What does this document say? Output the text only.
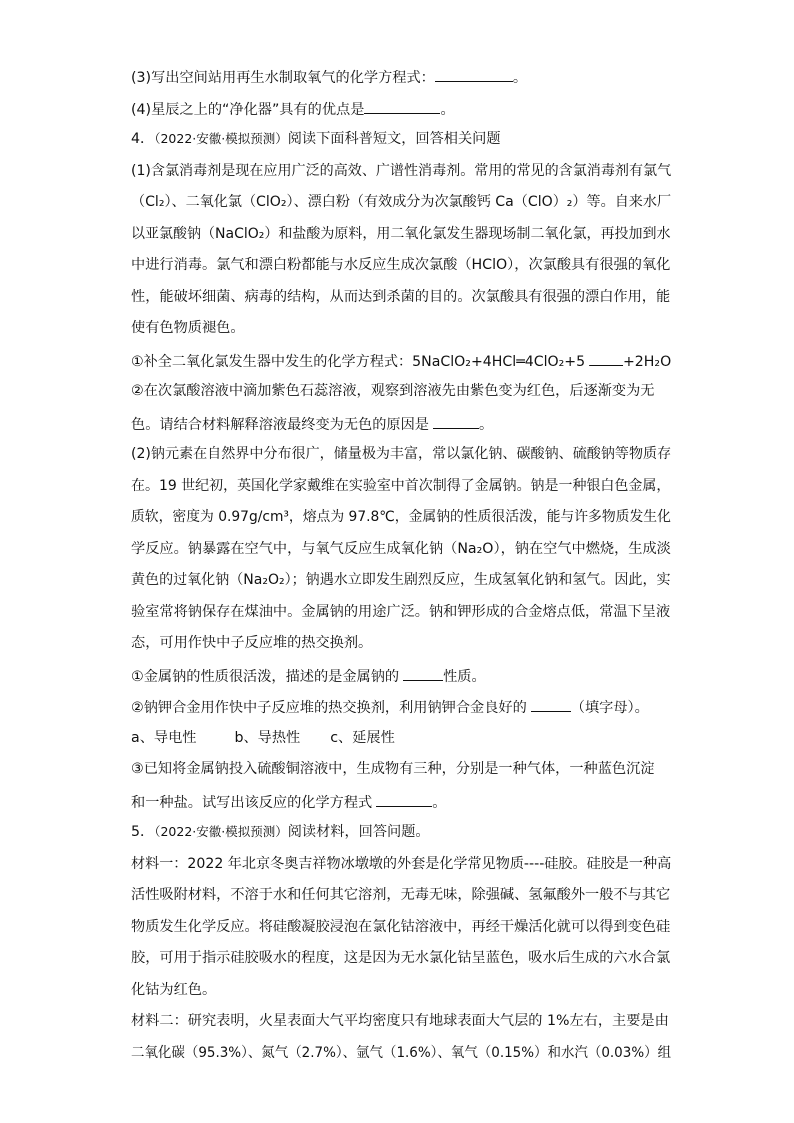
(3)写出空间站用再生水制取氧气的化学方程式：	。
(4)星辰之上的“净化器”具有的优点是	。
4．（2022·安徽·模拟预测）阅读下面科普短文，回答相关问题
(1)含氯消毒剂是现在应用广泛的高效、广谱性消毒剂。常用的常见的含氯消毒剂有氯气
（Cl₂）、二氧化氯（ClO₂）、漂白粉（有效成分为次氯酸钙 Ca（ClO）₂）等。自来水厂
以亚氯酸钠（NaClO₂）和盐酸为原料，用二氧化氯发生器现场制二氧化氯，再投加到水
中进行消毒。氯气和漂白粉都能与水反应生成次氯酸（HClO），次氯酸具有很强的氧化
性，能破坏细菌、病毒的结构，从而达到杀菌的目的。次氯酸具有很强的漂白作用，能
使有色物质褪色。
①补全二氧化氯发生器中发生的化学方程式：5NaClO₂+4HCl═4ClO₂+5	+2H₂O
②在次氯酸溶液中滴加紫色石蕊溶液，观察到溶液先由紫色变为红色，后逐渐变为无
色。请结合材料解释溶液最终变为无色的原因是	。
(2)钠元素在自然界中分布很广，储量极为丰富，常以氯化钠、碳酸钠、硫酸钠等物质存
在。19 世纪初，英国化学家戴维在实验室中首次制得了金属钠。钠是一种银白色金属，
质软，密度为 0.97g/cm³，熔点为 97.8℃，金属钠的性质很活泼，能与许多物质发生化
学反应。钠暴露在空气中，与氧气反应生成氧化钠（Na₂O），钠在空气中燃烧，生成淡
黄色的过氧化钠（Na₂O₂）；钠遇水立即发生剧烈反应，生成氢氧化钠和氢气。因此，实
验室常将钠保存在煤油中。金属钠的用途广泛。钠和钾形成的合金熔点低，常温下呈液
态，可用作快中子反应堆的热交换剂。
①金属钠的性质很活泼，描述的是金属钠的	性质。
②钠钾合金用作快中子反应堆的热交换剂，利用钠钾合金良好的	（填字母）。
a、导电性	b、导热性 c、延展性
③已知将金属钠投入硫酸铜溶液中，生成物有三种，分别是一种气体，一种蓝色沉淀
和一种盐。试写出该反应的化学方程式	。
5．（2022·安徽·模拟预测）阅读材料，回答问题。
材料一：2022 年北京冬奥吉祥物冰墩墩的外套是化学常见物质----硅胶。硅胶是一种高
活性吸附材料，不溶于水和任何其它溶剂，无毒无味，除强碱、氢氟酸外一般不与其它
物质发生化学反应。将硅酸凝胶浸泡在氯化钴溶液中，再经干燥活化就可以得到变色硅
胶，可用于指示硅胶吸水的程度，这是因为无水氯化钴呈蓝色，吸水后生成的六水合氯
化钴为红色。
材料二：研究表明，火星表面大气平均密度只有地球表面大气层的 1%左右，主要是由
二氧化碳（95.3%）、氮气（2.7%）、氩气（1.6%）、氧气（0.15%）和水汽（0.03%）组
